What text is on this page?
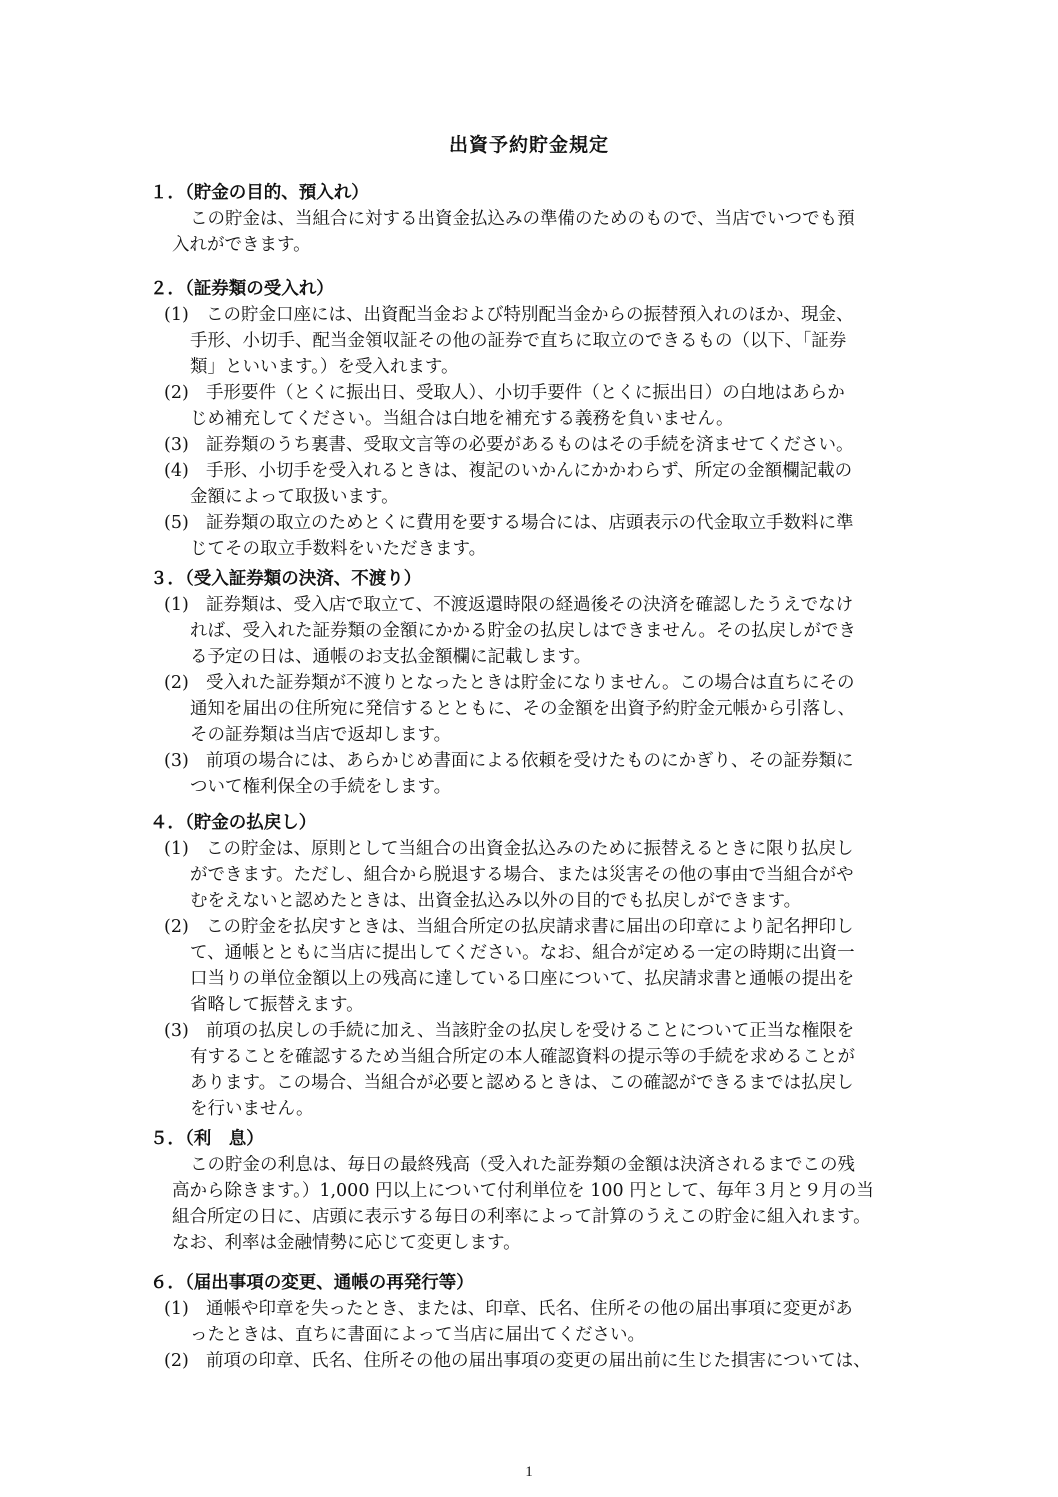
出資予約貯金規定
１．（貯金の目的、預入れ）
この貯金は、当組合に対する出資金払込みの準備のためのもので、当店でいつでも預
入れができます。
２．（証券類の受入れ）
(1) この貯金口座には、出資配当金および特別配当金からの振替預入れのほか、現金、
手形、小切手、配当金領収証その他の証券で直ちに取立のできるもの（以下、「証券
類」といいます。）を受入れます。
(2) 手形要件（とくに振出日、受取人）、小切手要件（とくに振出日）の白地はあらか
じめ補充してください。当組合は白地を補充する義務を負いません。
(3) 証券類のうち裏書、受取文言等の必要があるものはその手続を済ませてください。
(4) 手形、小切手を受入れるときは、複記のいかんにかかわらず、所定の金額欄記載の
金額によって取扱います。
(5) 証券類の取立のためとくに費用を要する場合には、店頭表示の代金取立手数料に準
じてその取立手数料をいただきます。
３．（受入証券類の決済、不渡り）
(1) 証券類は、受入店で取立て、不渡返還時限の経過後その決済を確認したうえでなけ
れば、受入れた証券類の金額にかかる貯金の払戻しはできません。その払戻しができ
る予定の日は、通帳のお支払金額欄に記載します。
(2) 受入れた証券類が不渡りとなったときは貯金になりません。この場合は直ちにその
通知を届出の住所宛に発信するとともに、その金額を出資予約貯金元帳から引落し、
その証券類は当店で返却します。
(3) 前項の場合には、あらかじめ書面による依頼を受けたものにかぎり、その証券類に
ついて権利保全の手続をします。
４．（貯金の払戻し）
(1) この貯金は、原則として当組合の出資金払込みのために振替えるときに限り払戻し
ができます。ただし、組合から脱退する場合、または災害その他の事由で当組合がや
むをえないと認めたときは、出資金払込み以外の目的でも払戻しができます。
(2) この貯金を払戻すときは、当組合所定の払戻請求書に届出の印章により記名押印し
て、通帳とともに当店に提出してください。なお、組合が定める一定の時期に出資一
口当りの単位金額以上の残高に達している口座について、払戻請求書と通帳の提出を
省略して振替えます。
(3) 前項の払戻しの手続に加え、当該貯金の払戻しを受けることについて正当な権限を
有することを確認するため当組合所定の本人確認資料の提示等の手続を求めることが
あります。この場合、当組合が必要と認めるときは、この確認ができるまでは払戻し
を行いません。
５．（利　息）
この貯金の利息は、毎日の最終残高（受入れた証券類の金額は決済されるまでこの残
高から除きます。）1,000 円以上について付利単位を 100 円として、毎年３月と９月の当
組合所定の日に、店頭に表示する毎日の利率によって計算のうえこの貯金に組入れます。
なお、利率は金融情勢に応じて変更します。
６．（届出事項の変更、通帳の再発行等）
(1) 通帳や印章を失ったとき、または、印章、氏名、住所その他の届出事項に変更があ
ったときは、直ちに書面によって当店に届出てください。
(2) 前項の印章、氏名、住所その他の届出事項の変更の届出前に生じた損害については、
1
